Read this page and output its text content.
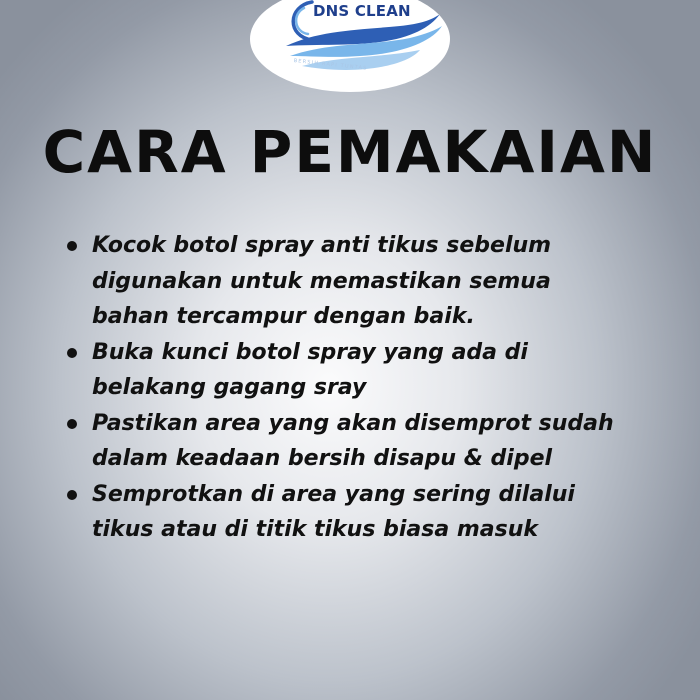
DNS CLEAN
BERSIH RAPI TUNTAS
CARA PEMAKAIAN
Kocok botol spray anti tikus sebelum digunakan untuk memastikan semua bahan tercampur dengan baik.
Buka kunci botol spray yang ada di belakang gagang sray
Pastikan area yang akan disemprot sudah dalam keadaan bersih disapu & dipel
Semprotkan di area yang sering dilalui tikus atau di titik tikus biasa masuk
